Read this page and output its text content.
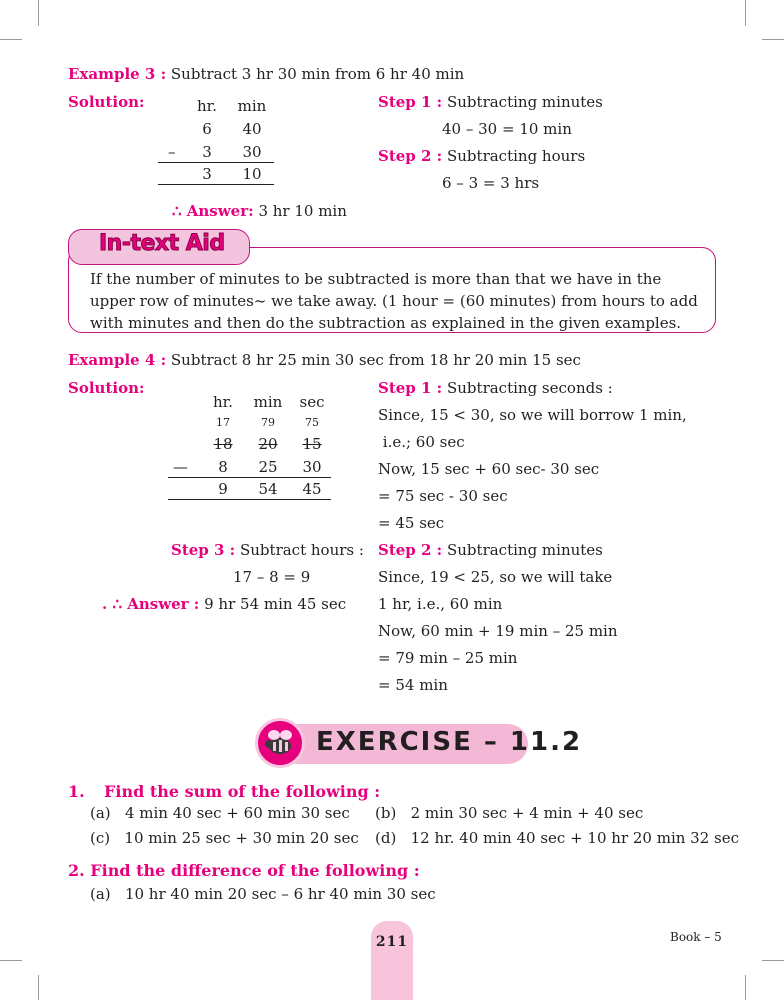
Example 3 : Subtract 3 hr 30 min from 6 hr 40 min
Solution:	hr.	min
6	40
–	3	30
3	10
∴ Answer: 3 hr 10 min
Step 1 : Subtracting minutes
40 – 30 = 10 min
Step 2 : Subtracting hours
6 – 3 = 3 hrs
In-text Aid
If the number of minutes to be subtracted is more than that we have in the upper row of minutes~ we take away. (1 hour = (60 minutes) from hours to add with minutes and then do the subtraction as explained in the given examples.
Example 4 : Subtract 8 hr 25 min 30 sec from 18 hr 20 min 15 sec
Solution:
hr.	min	sec
17	79	75
18	20	15
—	8	25	30
9	54	45
Step 3 : Subtract hours :
17 – 8 = 9
. ∴ Answer : 9 hr 54 min 45 sec
Step 1 : Subtracting seconds :
Since, 15 < 30, so we will borrow 1 min,
i.e.; 60 sec
Now, 15 sec + 60 sec- 30 sec
= 75 sec - 30 sec
= 45 sec
Step 2 : Subtracting minutes
Since, 19 < 25, so we will take
1 hr, i.e., 60 min
Now, 60 min + 19 min – 25 min
= 79 min – 25 min
= 54 min
EXERCISE – 11.2
1. Find the sum of the following :
(a)   4 min 40 sec + 60 min 30 sec (b)   2 min 30 sec + 4 min + 40 sec
(c)   10 min 25 sec + 30 min 20 sec (d)   12 hr. 40 min 40 sec + 10 hr 20 min 32 sec
2. Find the difference of the following :
(a)   10 hr 40 min 20 sec – 6 hr 40 min 30 sec
211	Book – 5
